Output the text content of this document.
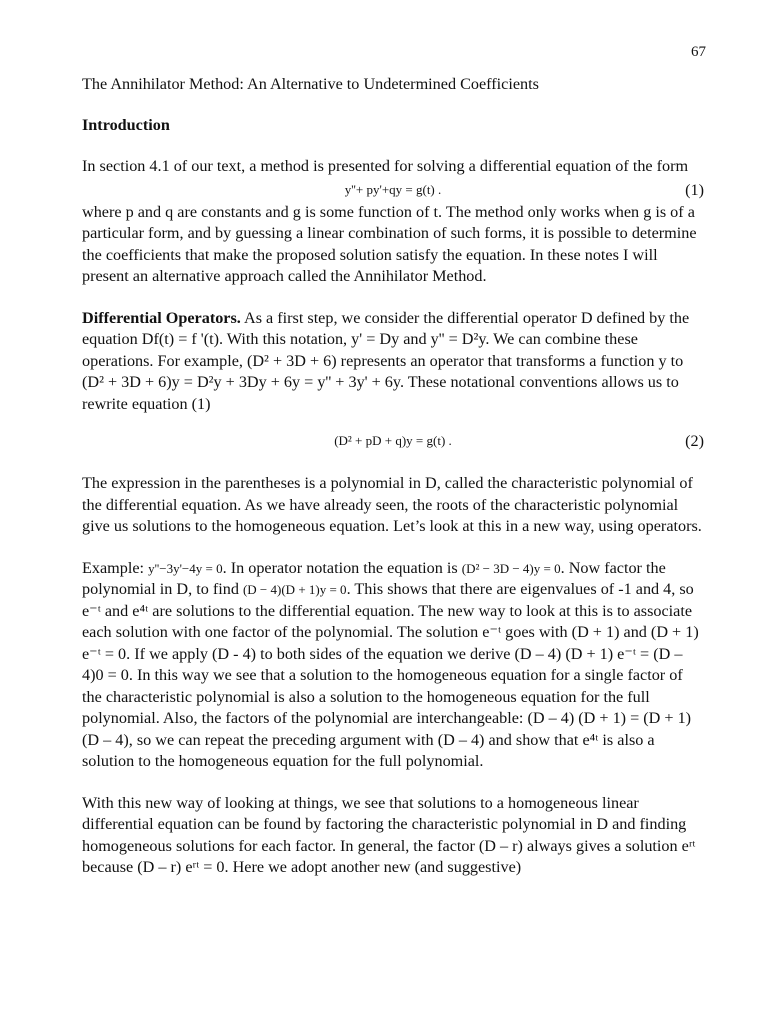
67

The Annihilator Method: An Alternative to Undetermined Coefficients

Introduction

In section 4.1 of our text, a method is presented for solving a differential equation of the form

y''+ py'+qy = g(t) .	(1)

where p and q are constants and g is some function of t. The method only works when g is of a particular form, and by guessing a linear combination of such forms, it is possible to determine the coefficients that make the proposed solution satisfy the equation. In these notes I will present an alternative approach called the Annihilator Method.

Differential Operators. As a first step, we consider the differential operator D defined by the equation Df(t) = f '(t). With this notation, y' = Dy and y'' = D²y. We can combine these operations. For example, (D² + 3D + 6) represents an operator that transforms a function y to (D² + 3D + 6)y = D²y + 3Dy + 6y = y'' + 3y' + 6y. These notational conventions allows us to rewrite equation (1)

(D² + pD + q)y = g(t) .	(2)

The expression in the parentheses is a polynomial in D, called the characteristic polynomial of the differential equation. As we have already seen, the roots of the characteristic polynomial give us solutions to the homogeneous equation. Let’s look at this in a new way, using operators.

Example: y''−3y'−4y = 0. In operator notation the equation is (D² − 3D − 4)y = 0. Now factor the polynomial in D, to find (D − 4)(D + 1)y = 0. This shows that there are eigenvalues of -1 and 4, so e⁻ᵗ and e⁴ᵗ are solutions to the differential equation. The new way to look at this is to associate each solution with one factor of the polynomial. The solution e⁻ᵗ goes with (D + 1) and (D + 1) e⁻ᵗ = 0. If we apply (D - 4) to both sides of the equation we derive (D – 4) (D + 1) e⁻ᵗ = (D – 4)0 = 0. In this way we see that a solution to the homogeneous equation for a single factor of the characteristic polynomial is also a solution to the homogeneous equation for the full polynomial. Also, the factors of the polynomial are interchangeable: (D – 4) (D + 1) = (D + 1) (D – 4), so we can repeat the preceding argument with (D – 4) and show that e⁴ᵗ is also a solution to the homogeneous equation for the full polynomial.

With this new way of looking at things, we see that solutions to a homogeneous linear differential equation can be found by factoring the characteristic polynomial in D and finding homogeneous solutions for each factor. In general, the factor (D – r) always gives a solution eʳᵗ because (D – r) eʳᵗ = 0. Here we adopt another new (and suggestive)
